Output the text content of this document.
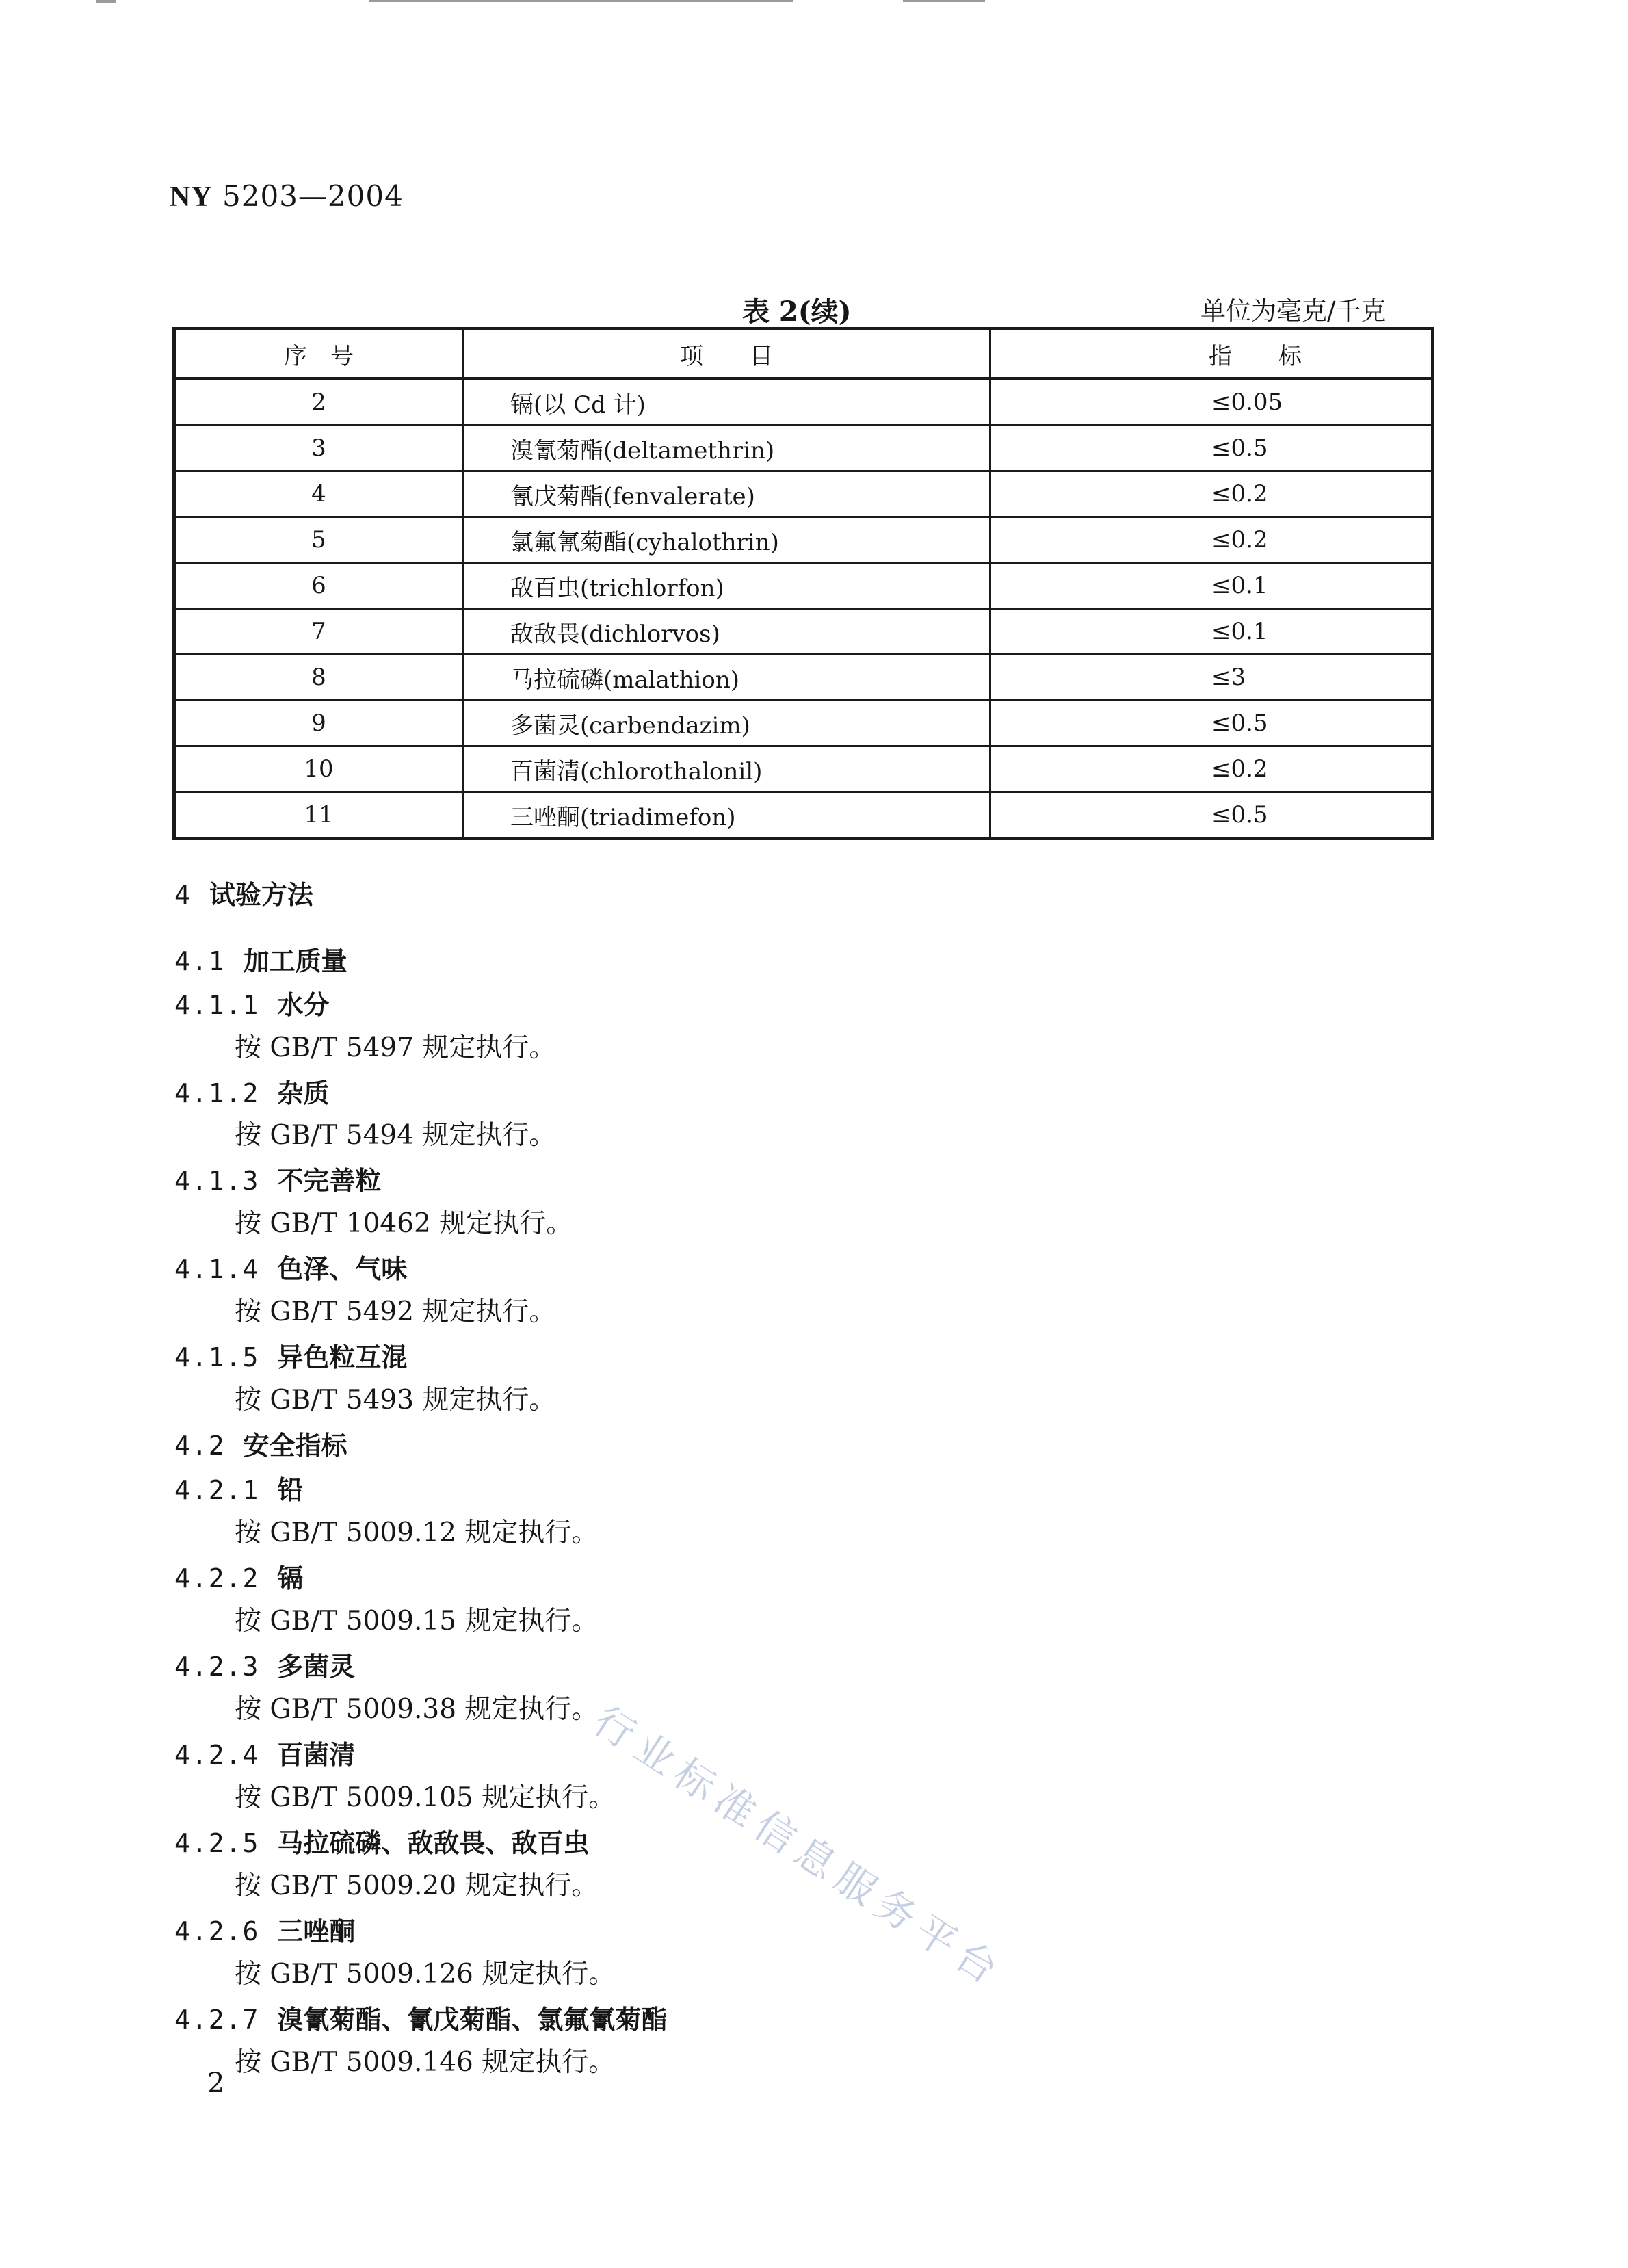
NY 5203—2004
表 2(续)	单位为毫克/千克
序　号	项　　目	指　　标
2	镉(以 Cd 计)	≤0.05
3	溴氰菊酯(deltamethrin)	≤0.5
4	氰戊菊酯(fenvalerate)	≤0.2
5	氯氟氰菊酯(cyhalothrin)	≤0.2
6	敌百虫(trichlorfon)	≤0.1
7	敌敌畏(dichlorvos)	≤0.1
8	马拉硫磷(malathion)	≤3
9	多菌灵(carbendazim)	≤0.5
10	百菌清(chlorothalonil)	≤0.2
11	三唑酮(triadimefon)	≤0.5
4 试验方法
4.1 加工质量
4.1.1 水分
按 GB/T 5497 规定执行。
4.1.2 杂质
按 GB/T 5494 规定执行。
4.1.3 不完善粒
按 GB/T 10462 规定执行。
4.1.4 色泽、气味
按 GB/T 5492 规定执行。
4.1.5 异色粒互混
按 GB/T 5493 规定执行。
4.2 安全指标
4.2.1 铅
按 GB/T 5009.12 规定执行。
4.2.2 镉
按 GB/T 5009.15 规定执行。
4.2.3 多菌灵
按 GB/T 5009.38 规定执行。
4.2.4 百菌清
按 GB/T 5009.105 规定执行。
4.2.5 马拉硫磷、敌敌畏、敌百虫
按 GB/T 5009.20 规定执行。
4.2.6 三唑酮
按 GB/T 5009.126 规定执行。
4.2.7 溴氰菊酯、氰戊菊酯、氯氟氰菊酯
按 GB/T 5009.146 规定执行。
2
行业标准信息服务平台
